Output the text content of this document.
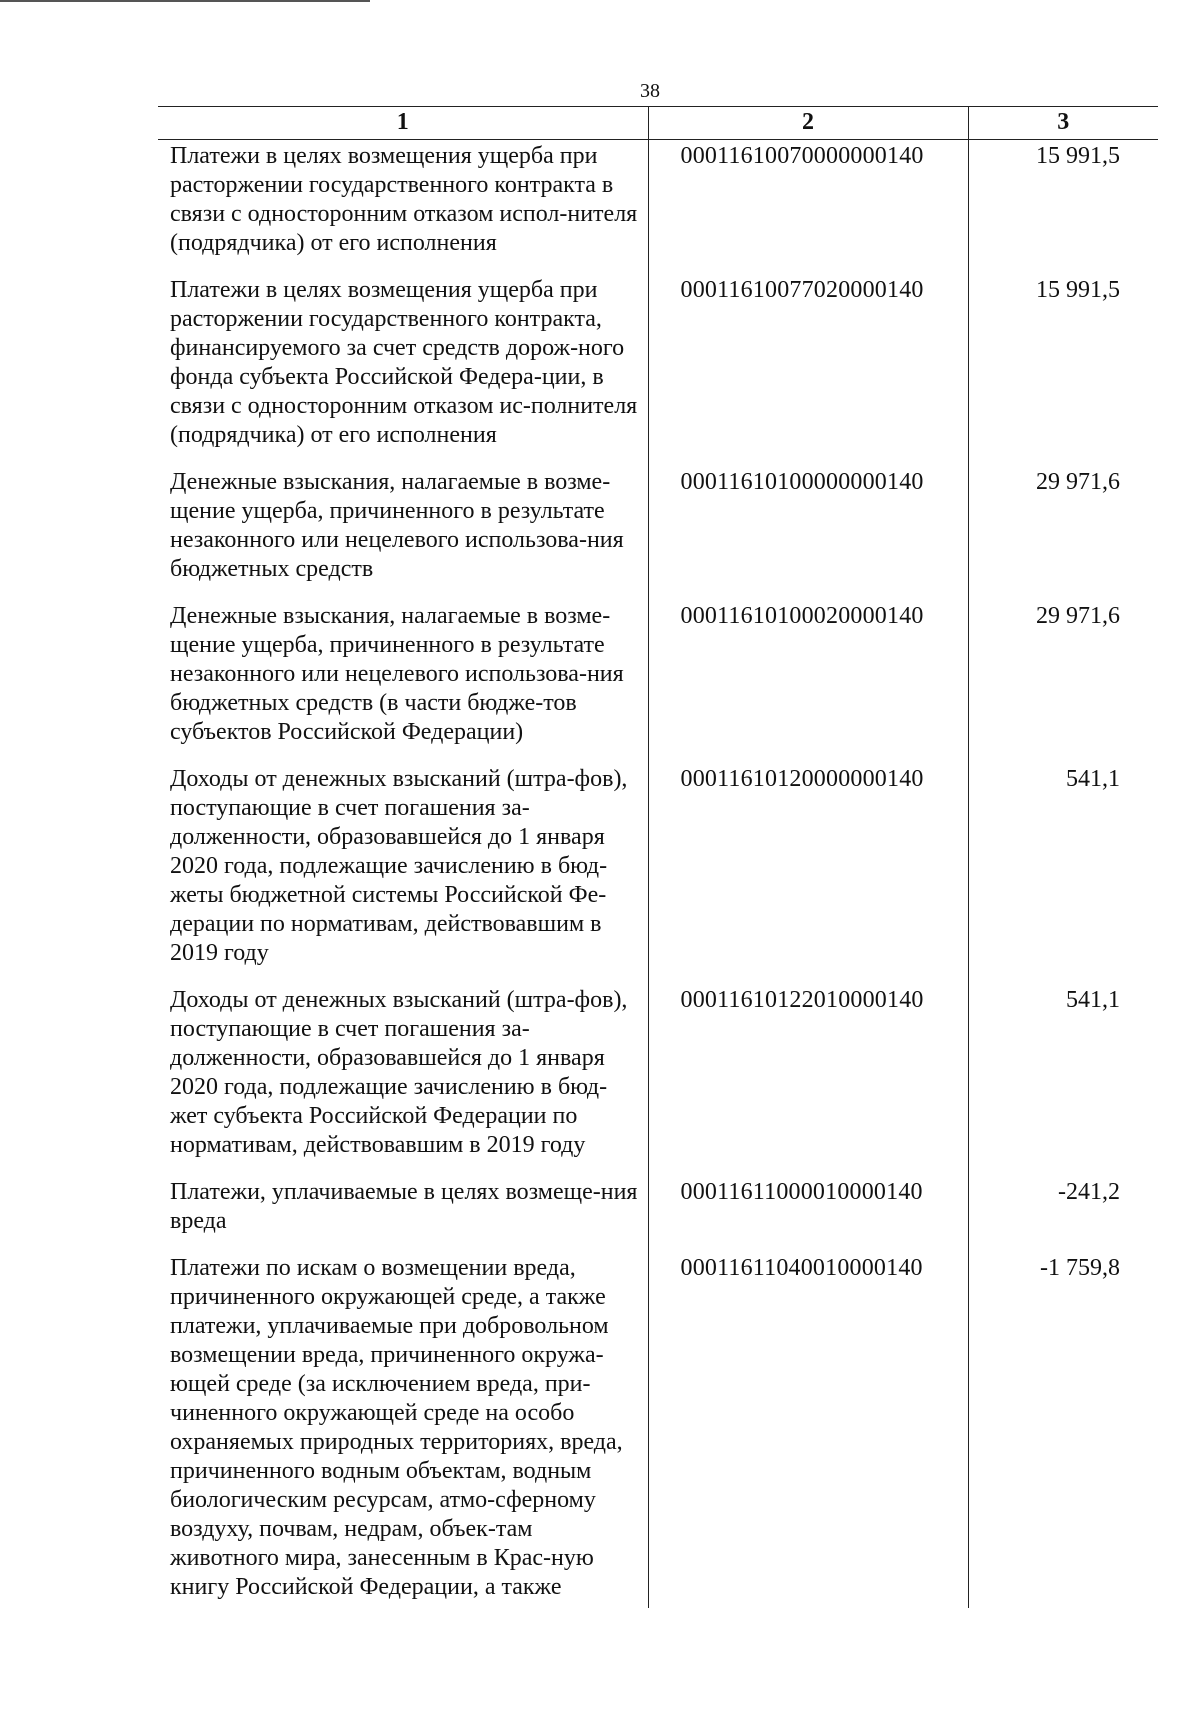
38
1	2	3
Платежи в целях возмещения ущерба при расторжении государственного контракта в связи с односторонним отказом испол-нителя (подрядчика) от его исполнения	00011610070000000140	15 991,5
Платежи в целях возмещения ущерба при расторжении государственного контракта, финансируемого за счет средств дорож-ного фонда субъекта Российской Федера-ции, в связи с односторонним отказом ис-полнителя (подрядчика) от его исполнения	00011610077020000140	15 991,5
Денежные взыскания, налагаемые в возме-щение ущерба, причиненного в результате незаконного или нецелевого использова-ния бюджетных средств	00011610100000000140	29 971,6
Денежные взыскания, налагаемые в возме-щение ущерба, причиненного в результате незаконного или нецелевого использова-ния бюджетных средств (в части бюдже-тов субъектов Российской Федерации)	00011610100020000140	29 971,6
Доходы от денежных взысканий (штра-фов), поступающие в счет погашения за-долженности, образовавшейся до 1 января 2020 года, подлежащие зачислению в бюд-жеты бюджетной системы Российской Фе-дерации по нормативам, действовавшим в 2019 году	00011610120000000140	541,1
Доходы от денежных взысканий (штра-фов), поступающие в счет погашения за-долженности, образовавшейся до 1 января 2020 года, подлежащие зачислению в бюд-жет субъекта Российской Федерации по нормативам, действовавшим в 2019 году	00011610122010000140	541,1
Платежи, уплачиваемые в целях возмеще-ния вреда	00011611000010000140	-241,2
Платежи по искам о возмещении вреда, причиненного окружающей среде, а также платежи, уплачиваемые при добровольном возмещении вреда, причиненного окружа-ющей среде (за исключением вреда, при-чиненного окружающей среде на особо охраняемых природных территориях, вреда, причиненного водным объектам, водным биологическим ресурсам, атмо-сферному воздуху, почвам, недрам, объек-там животного мира, занесенным в Крас-ную книгу Российской Федерации, а также	00011611040010000140	-1 759,8
